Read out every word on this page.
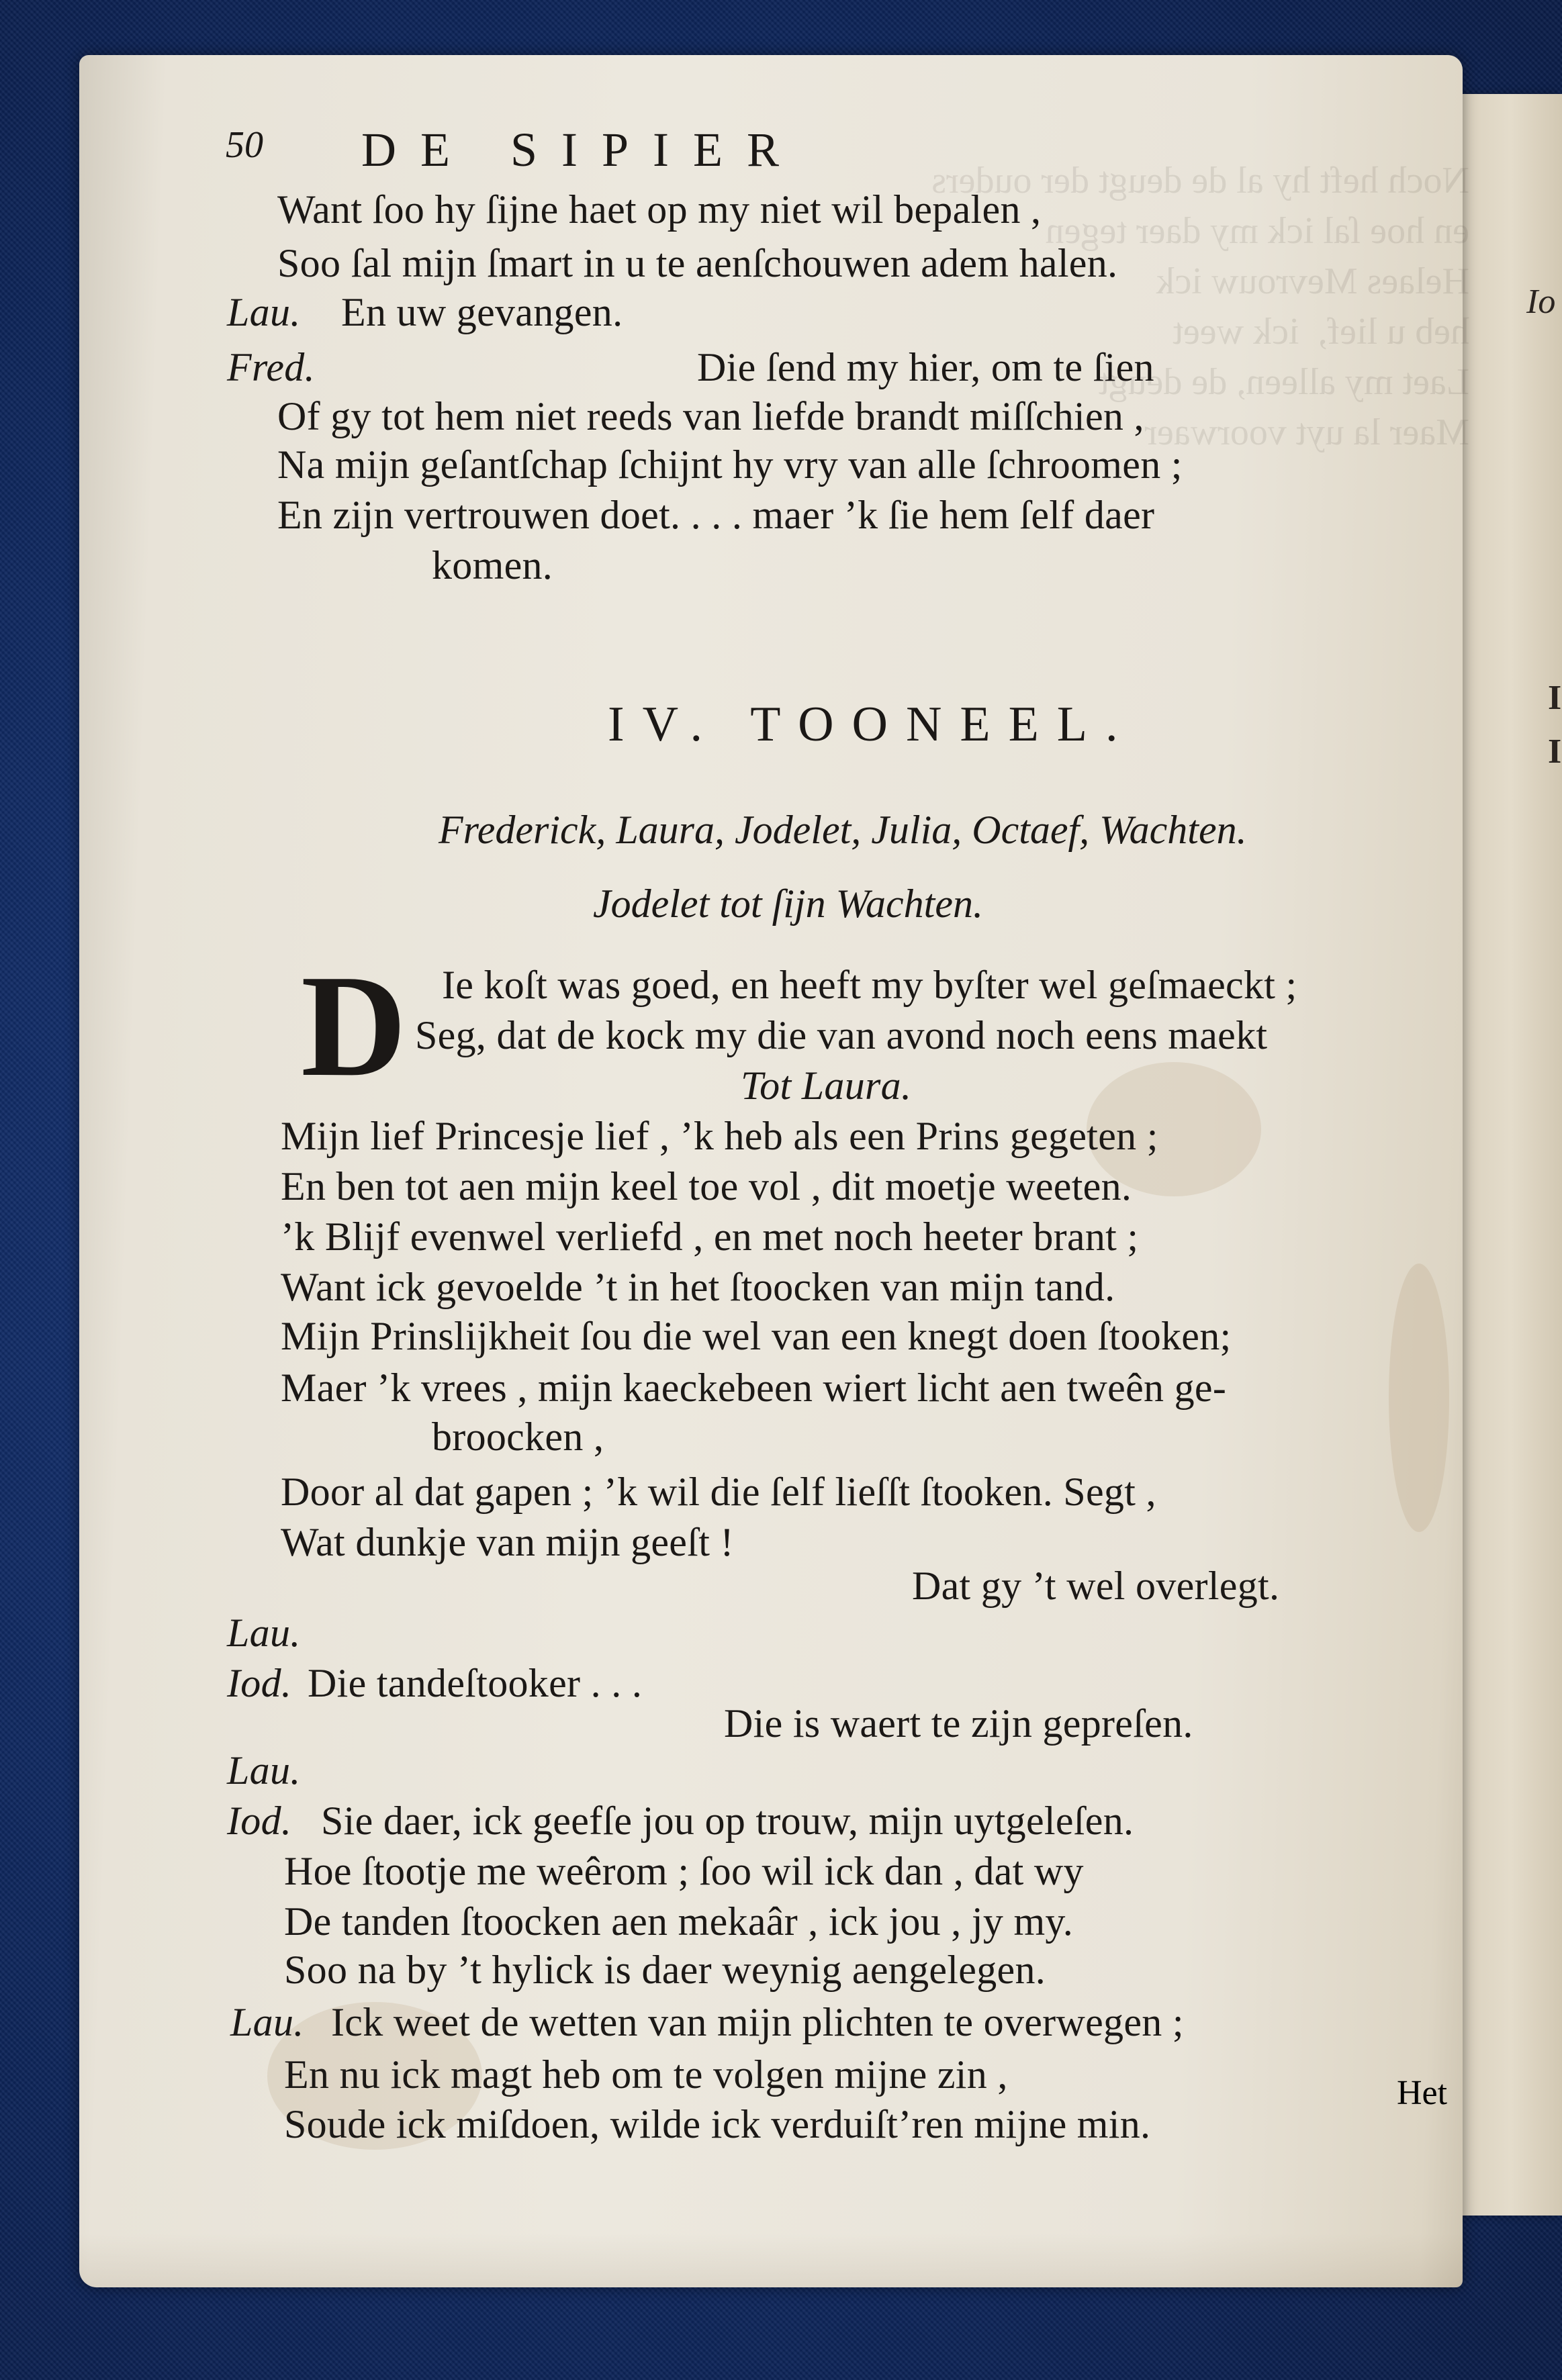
Io
I
I
Noch heft hy al de deugt der ouders
en hoe ſal ick my daer tegen
Helaes Mevrouw ick
heb u lief,  ick weet
Laet my alleen, de deugt
Maer la uyt voorwaer
50 DE SIPIER
Want ſoo hy ſijne haet op my niet wil bepalen ,
Soo ſal mijn ſmart in u te aenſchouwen adem halen.
Lau. En uw gevangen.
Fred.	Die ſend my hier, om te ſien
Of gy tot hem niet reeds van liefde brandt miſſchien ,
Na mijn geſantſchap ſchijnt hy vry van alle ſchroomen ;
En zijn vertrouwen doet. . . . maer ’k ſie hem ſelf daer
komen.
IV. TOONEEL.
Frederick, Laura, Jodelet, Julia, Octaef, Wachten.
Jodelet tot ſijn Wachten.
D Ie koſt was goed, en heeft my byſter wel geſmaeckt ;
Seg, dat de kock my die van avond noch eens maekt
Tot Laura.
Mijn lief Princesje lief , ’k heb als een Prins gegeten ;
En ben tot aen mijn keel toe vol , dit moetje weeten.
’k Blijf evenwel verliefd , en met noch heeter brant ;
Want ick gevoelde ’t in het ſtoocken van mijn tand.
Mijn Prinslijkheit ſou die wel van een knegt doen ſtooken;
Maer ’k vrees , mijn kaeckebeen wiert licht aen tweên ge-
broocken ,
Door al dat gapen ; ’k wil die ſelf lieſſt ſtooken. Segt ,
Wat dunkje van mijn geeſt !
Dat gy ’t wel overlegt.
Lau.
Iod. Die tandeſtooker . . .
Die is waert te zijn gepreſen.
Lau.
Iod. Sie daer, ick geefſe jou op trouw, mijn uytgeleſen.
Hoe ſtootje me weêrom ; ſoo wil ick dan , dat wy
De tanden ſtoocken aen mekaâr , ick jou , jy my.
Soo na by ’t hylick is daer weynig aengelegen.
Lau. Ick weet de wetten van mijn plichten te overwegen ;
En nu ick magt heb om te volgen mijne zin ,
Soude ick miſdoen, wilde ick verduiſt’ren mijne min.
Het
